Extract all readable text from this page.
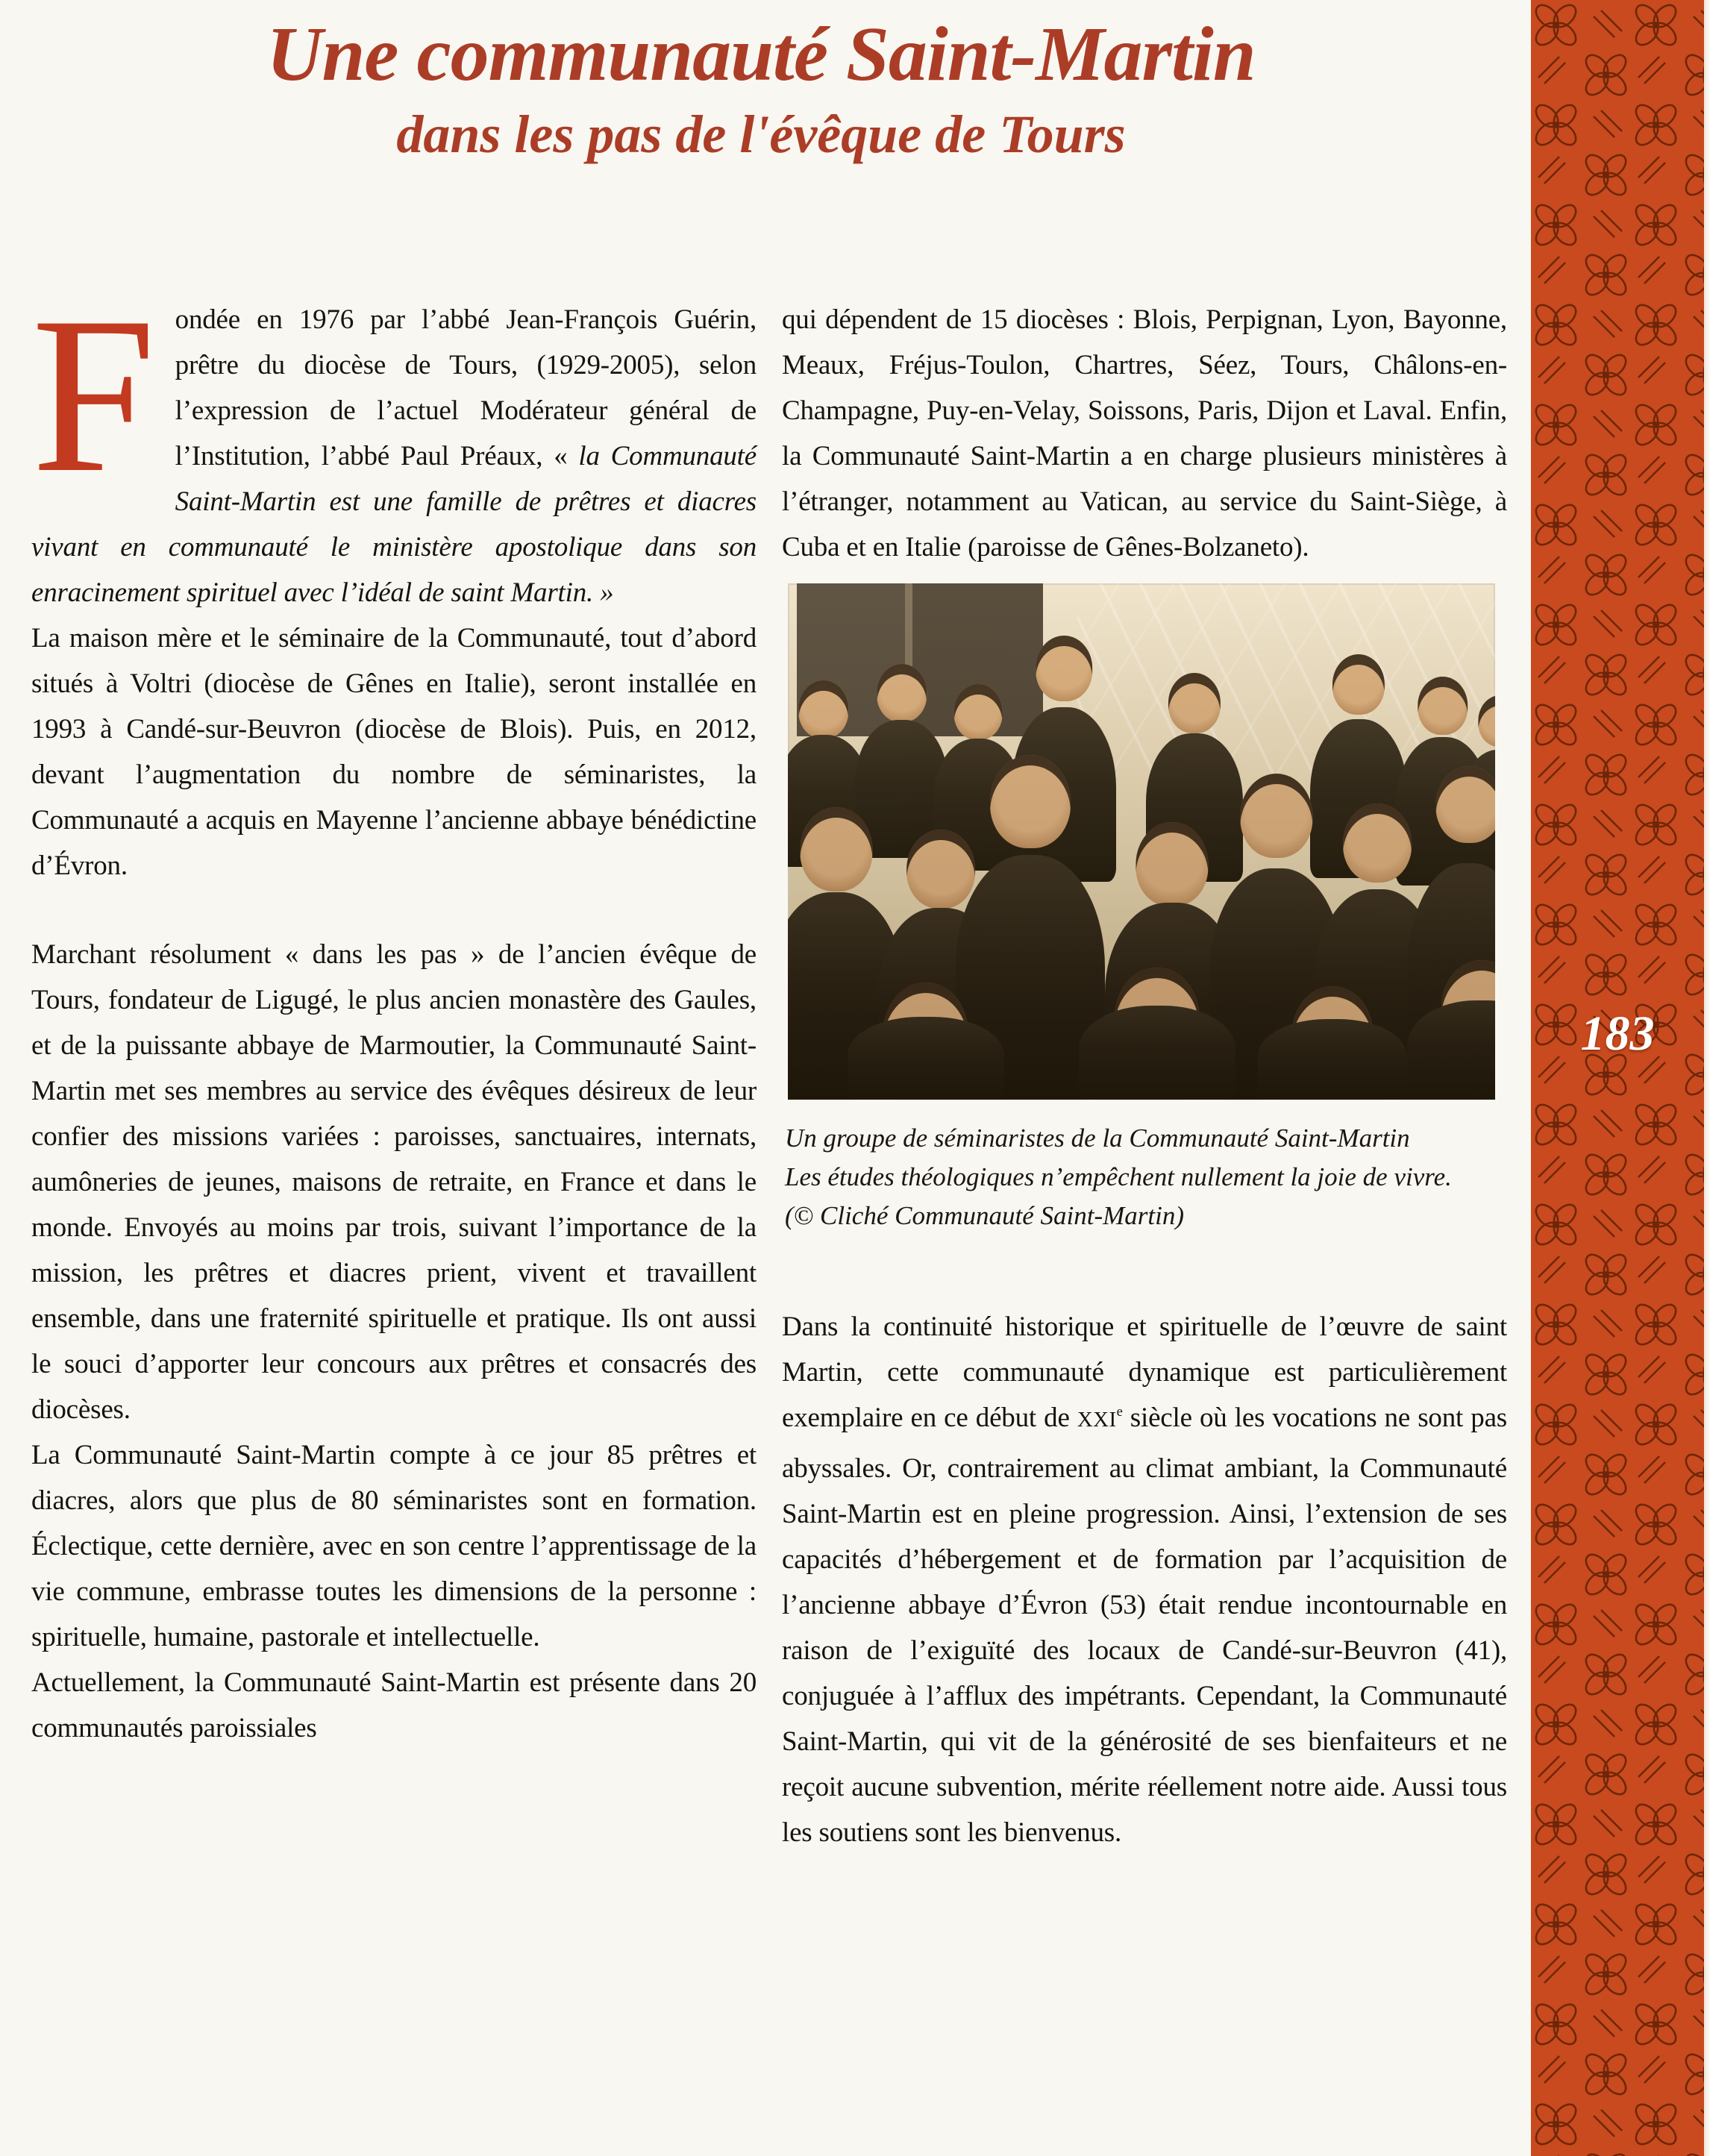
Une communauté Saint-Martin
dans les pas de l'évêque de Tours

Fondée en 1976 par l’abbé Jean-François Guérin, prêtre du diocèse de Tours, (1929-2005), selon l’expression de l’actuel Modérateur général de l’Institution, l’abbé Paul Préaux, « la Communauté Saint-Martin est une famille de prêtres et diacres vivant en communauté le ministère apostolique dans son enracinement spirituel avec l’idéal de saint Martin. »

La maison mère et le séminaire de la Communauté, tout d’abord situés à Voltri (diocèse de Gênes en Italie), seront installée en 1993 à Candé-sur-Beuvron (diocèse de Blois). Puis, en 2012, devant l’augmentation du nombre de séminaristes, la Communauté a acquis en Mayenne l’ancienne abbaye bénédictine d’Évron.

Marchant résolument « dans les pas » de l’ancien évêque de Tours, fondateur de Ligugé, le plus ancien monastère des Gaules, et de la puissante abbaye de Marmoutier, la Communauté Saint-Martin met ses membres au service des évêques désireux de leur confier des missions variées : paroisses, sanctuaires, internats, aumôneries de jeunes, maisons de retraite, en France et dans le monde. Envoyés au moins par trois, suivant l’importance de la mission, les prêtres et diacres prient, vivent et travaillent ensemble, dans une fraternité spirituelle et pratique. Ils ont aussi le souci d’apporter leur concours aux prêtres et consacrés des diocèses.

La Communauté Saint-Martin compte à ce jour 85 prêtres et diacres, alors que plus de 80 séminaristes sont en formation. Éclectique, cette dernière, avec en son centre l’apprentissage de la vie commune, embrasse toutes les dimensions de la personne : spirituelle, humaine, pastorale et intellectuelle.

Actuellement, la Communauté Saint-Martin est présente dans 20 communautés paroissiales

qui dépendent de 15 diocèses : Blois, Perpignan, Lyon, Bayonne, Meaux, Fréjus-Toulon, Chartres, Séez, Tours, Châlons-en-Champagne, Puy-en-Velay, Soissons, Paris, Dijon et Laval. Enfin, la Communauté Saint-Martin a en charge plusieurs ministères à l’étranger, notamment au Vatican, au service du Saint-Siège, à Cuba et en Italie (paroisse de Gênes-Bolzaneto).

Un groupe de séminaristes de la Communauté Saint-Martin
Les études théologiques n’empêchent nullement la joie de vivre.
(© Cliché Communauté Saint-Martin)

Dans la continuité historique et spirituelle de l’œuvre de saint Martin, cette communauté dynamique est particulièrement exemplaire en ce début de XXIe siècle où les vocations ne sont pas abyssales. Or, contrairement au climat ambiant, la Communauté Saint-Martin est en pleine progression. Ainsi, l’extension de ses capacités d’hébergement et de formation par l’acquisition de l’ancienne abbaye d’Évron (53) était rendue incontournable en raison de l’exiguïté des locaux de Candé-sur-Beuvron (41), conjuguée à l’afflux des impétrants. Cependant, la Communauté Saint-Martin, qui vit de la générosité de ses bienfaiteurs et ne reçoit aucune subvention, mérite réellement notre aide. Aussi tous les soutiens sont les bienvenus.

183
